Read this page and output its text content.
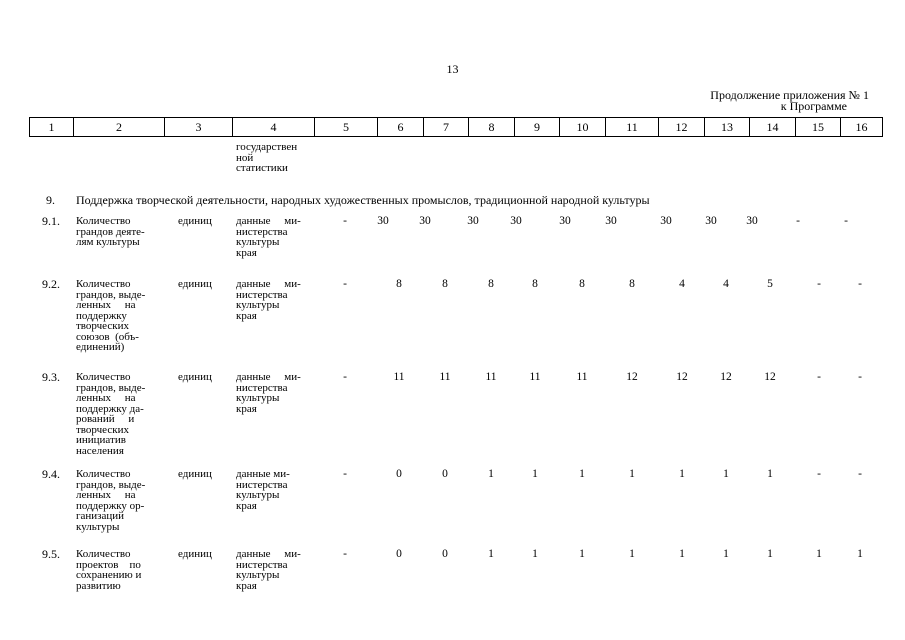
13
Продолжение приложения № 1
к Программе
1	2	3	4	5	6	7	8	9	10	11	12	13	14	15	16
государствен
ной
статистики
9. Поддержка творческой деятельности, народных художественных промыслов, традиционной народной культуры
9.1. Количество
грандов деяте-
лям культуры
единиц данные     ми-
нистерства
культуры
края
-	30	30	30	30	30	30	30	30	30	-	-
9.2. Количество
грандов, выде-
ленных     на
поддержку
творческих
союзов  (объ-
единений)
единиц данные     ми-
нистерства
культуры
края
-	8	8	8	8	8	8	4	4	5	-	-
9.3. Количество
грандов, выде-
ленных     на
поддержку да-
рований     и
творческих
инициатив
населения
единиц данные     ми-
нистерства
культуры
края
-	11	11	11	11	11	12	12	12	12	-	-
9.4. Количество
грандов, выде-
ленных     на
поддержку ор-
ганизаций
культуры
единиц данные ми-
нистерства
культуры
края
-	0	0	1	1	1	1	1	1	1	-	-
9.5. Количество
проектов    по
сохранению и
развитию
единиц данные     ми-
нистерства
культуры
края
-	0	0	1	1	1	1	1	1	1	1	1
